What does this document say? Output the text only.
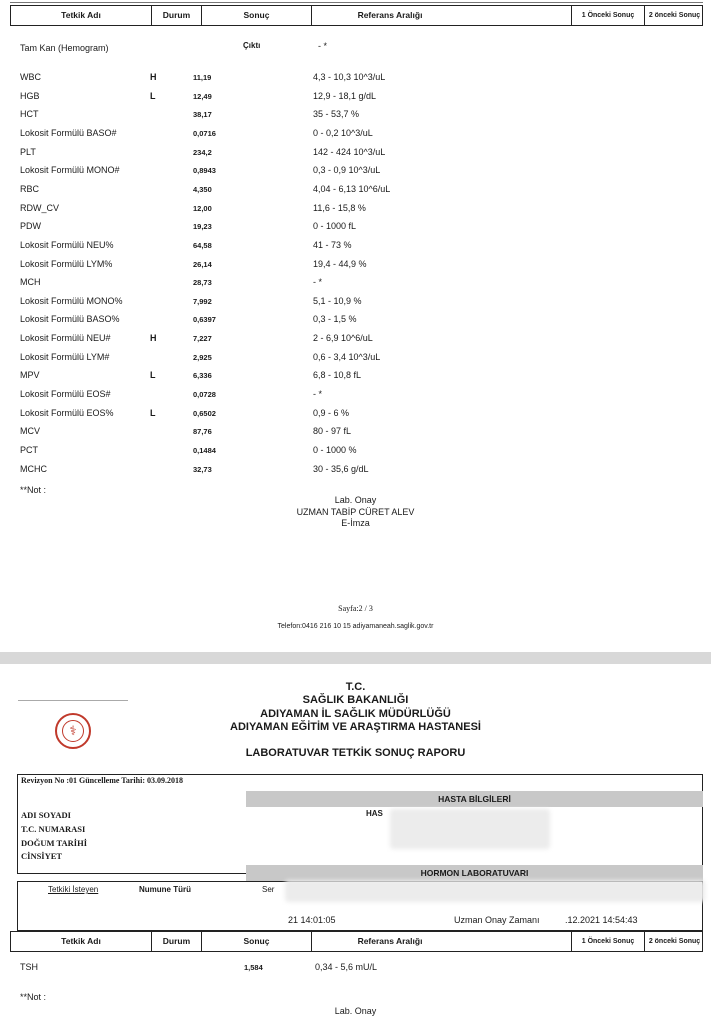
Tetkik Adı	Durum	Sonuç	Referans Aralığı	1 Önceki Sonuç	2 önceki Sonuç
Tam Kan (Hemogram)	Çıktı	- *
WBC	H	11,19	4,3 - 10,3 10^3/uL
HGB	L	12,49	12,9 - 18,1 g/dL
HCT	38,17	35 - 53,7 %
Lokosit Formülü BASO#	0,0716	0 - 0,2 10^3/uL
PLT	234,2	142 - 424 10^3/uL
Lokosit Formülü MONO#	0,8943	0,3 - 0,9 10^3/uL
RBC	4,350	4,04 - 6,13 10^6/uL
RDW_CV	12,00	11,6 - 15,8 %
PDW	19,23	0 - 1000 fL
Lokosit Formülü NEU%	64,58	41 - 73 %
Lokosit Formülü LYM%	26,14	19,4 - 44,9 %
MCH	28,73	- *
Lokosit Formülü MONO%	7,992	5,1 - 10,9 %
Lokosit Formülü BASO%	0,6397	0,3 - 1,5 %
Lokosit Formülü NEU#	H	7,227	2 - 6,9 10^6/uL
Lokosit Formülü LYM#	2,925	0,6 - 3,4 10^3/uL
MPV	L	6,336	6,8 - 10,8 fL
Lokosit Formülü EOS#	0,0728	- *
Lokosit Formülü EOS%	L	0,6502	0,9 - 6 %
MCV	87,76	80 - 97 fL
PCT	0,1484	0 - 1000 %
MCHC	32,73	30 - 35,6 g/dL
**Not :
Lab. Onay
UZMAN TABİP CÜRET ALEV
E-İmza
Sayfa:2 / 3
Telefon:0416 216 10 15 adiyamaneah.saglik.gov.tr
⚕
T.C.
SAĞLIK BAKANLIĞI
ADIYAMAN İL SAĞLIK MÜDÜRLÜĞÜ
ADIYAMAN EĞİTİM VE ARAŞTIRMA HASTANESİ
LABORATUVAR TETKİK SONUÇ RAPORU
Revizyon No :01 Güncelleme Tarihi: 03.09.2018
HASTA BİLGİLERİ
ADI SOYADI
T.C. NUMARASI
DOĞUM TARİHİ
CİNSİYET
HAS
HORMON LABORATUVARI
Tetkiki İsteyen	Numune Türü	Ser
21 14:01:05	Uzman Onay Zamanı	.12.2021 14:54:43
Tetkik Adı	Durum	Sonuç	Referans Aralığı	1 Önceki Sonuç	2 önceki Sonuç
TSH	1,584	0,34 - 5,6 mU/L
**Not :
Lab. Onay
